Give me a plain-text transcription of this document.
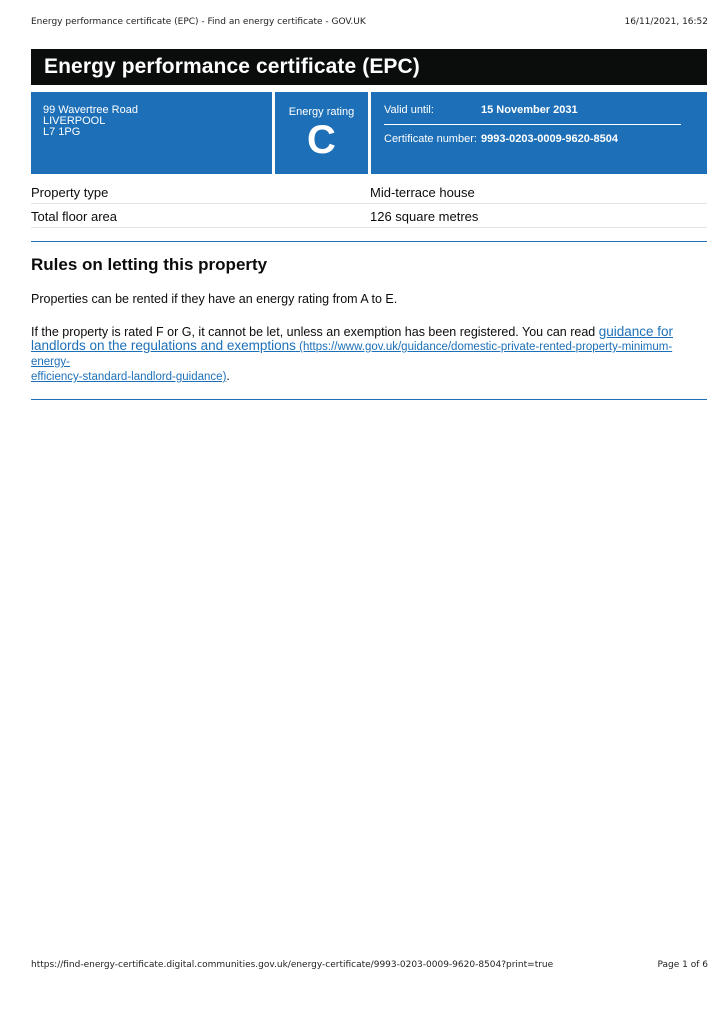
Energy performance certificate (EPC) - Find an energy certificate - GOV.UK	16/11/2021, 16:52
Energy performance certificate (EPC)
99 Wavertree Road
LIVERPOOL
L7 1PG
Energy rating
C
Valid until:	15 November 2031
Certificate number: 9993-0203-0009-9620-8504
Property type	Mid-terrace house
Total floor area	126 square metres
Rules on letting this property
Properties can be rented if they have an energy rating from A to E.
If the property is rated F or G, it cannot be let, unless an exemption has been registered. You can read guidance for
landlords on the regulations and exemptions (https://www.gov.uk/guidance/domestic-private-rented-property-minimum-energy-
efficiency-standard-landlord-guidance).
https://find-energy-certificate.digital.communities.gov.uk/energy-certificate/9993-0203-0009-9620-8504?print=true	Page 1 of 6
